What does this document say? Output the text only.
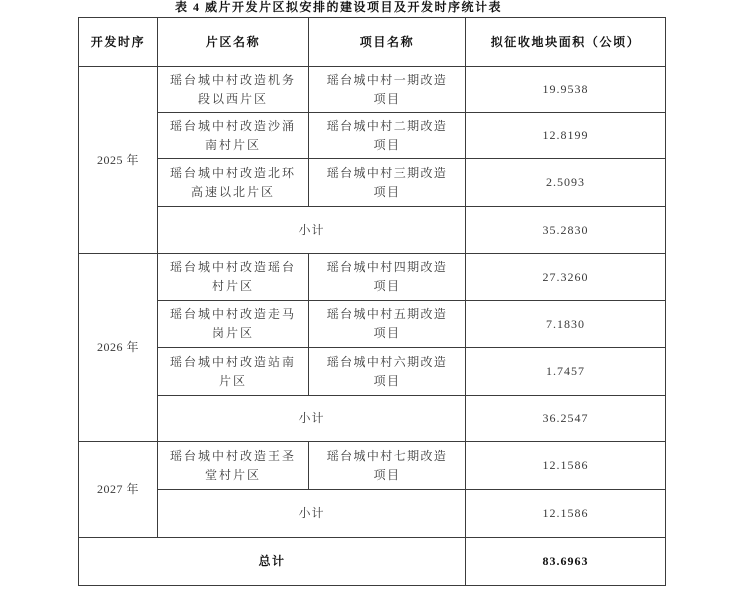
表 4 威片开发片区拟安排的建设项目及开发时序统计表
开发时序	片区名称	项目名称	拟征收地块面积（公顷）
2025 年	瑶台城中村改造机务段以西片区	瑶台城中村一期改造项目	19.9538
	瑶台城中村改造沙涌南村片区	瑶台城中村二期改造项目	12.8199
	瑶台城中村改造北环高速以北片区	瑶台城中村三期改造项目	2.5093
	小计		35.2830
2026 年	瑶台城中村改造瑶台村片区	瑶台城中村四期改造项目	27.3260
	瑶台城中村改造走马岗片区	瑶台城中村五期改造项目	7.1830
	瑶台城中村改造站南片区	瑶台城中村六期改造项目	1.7457
	小计		36.2547
2027 年	瑶台城中村改造王圣堂村片区	瑶台城中村七期改造项目	12.1586
	小计		12.1586
总计			83.6963
